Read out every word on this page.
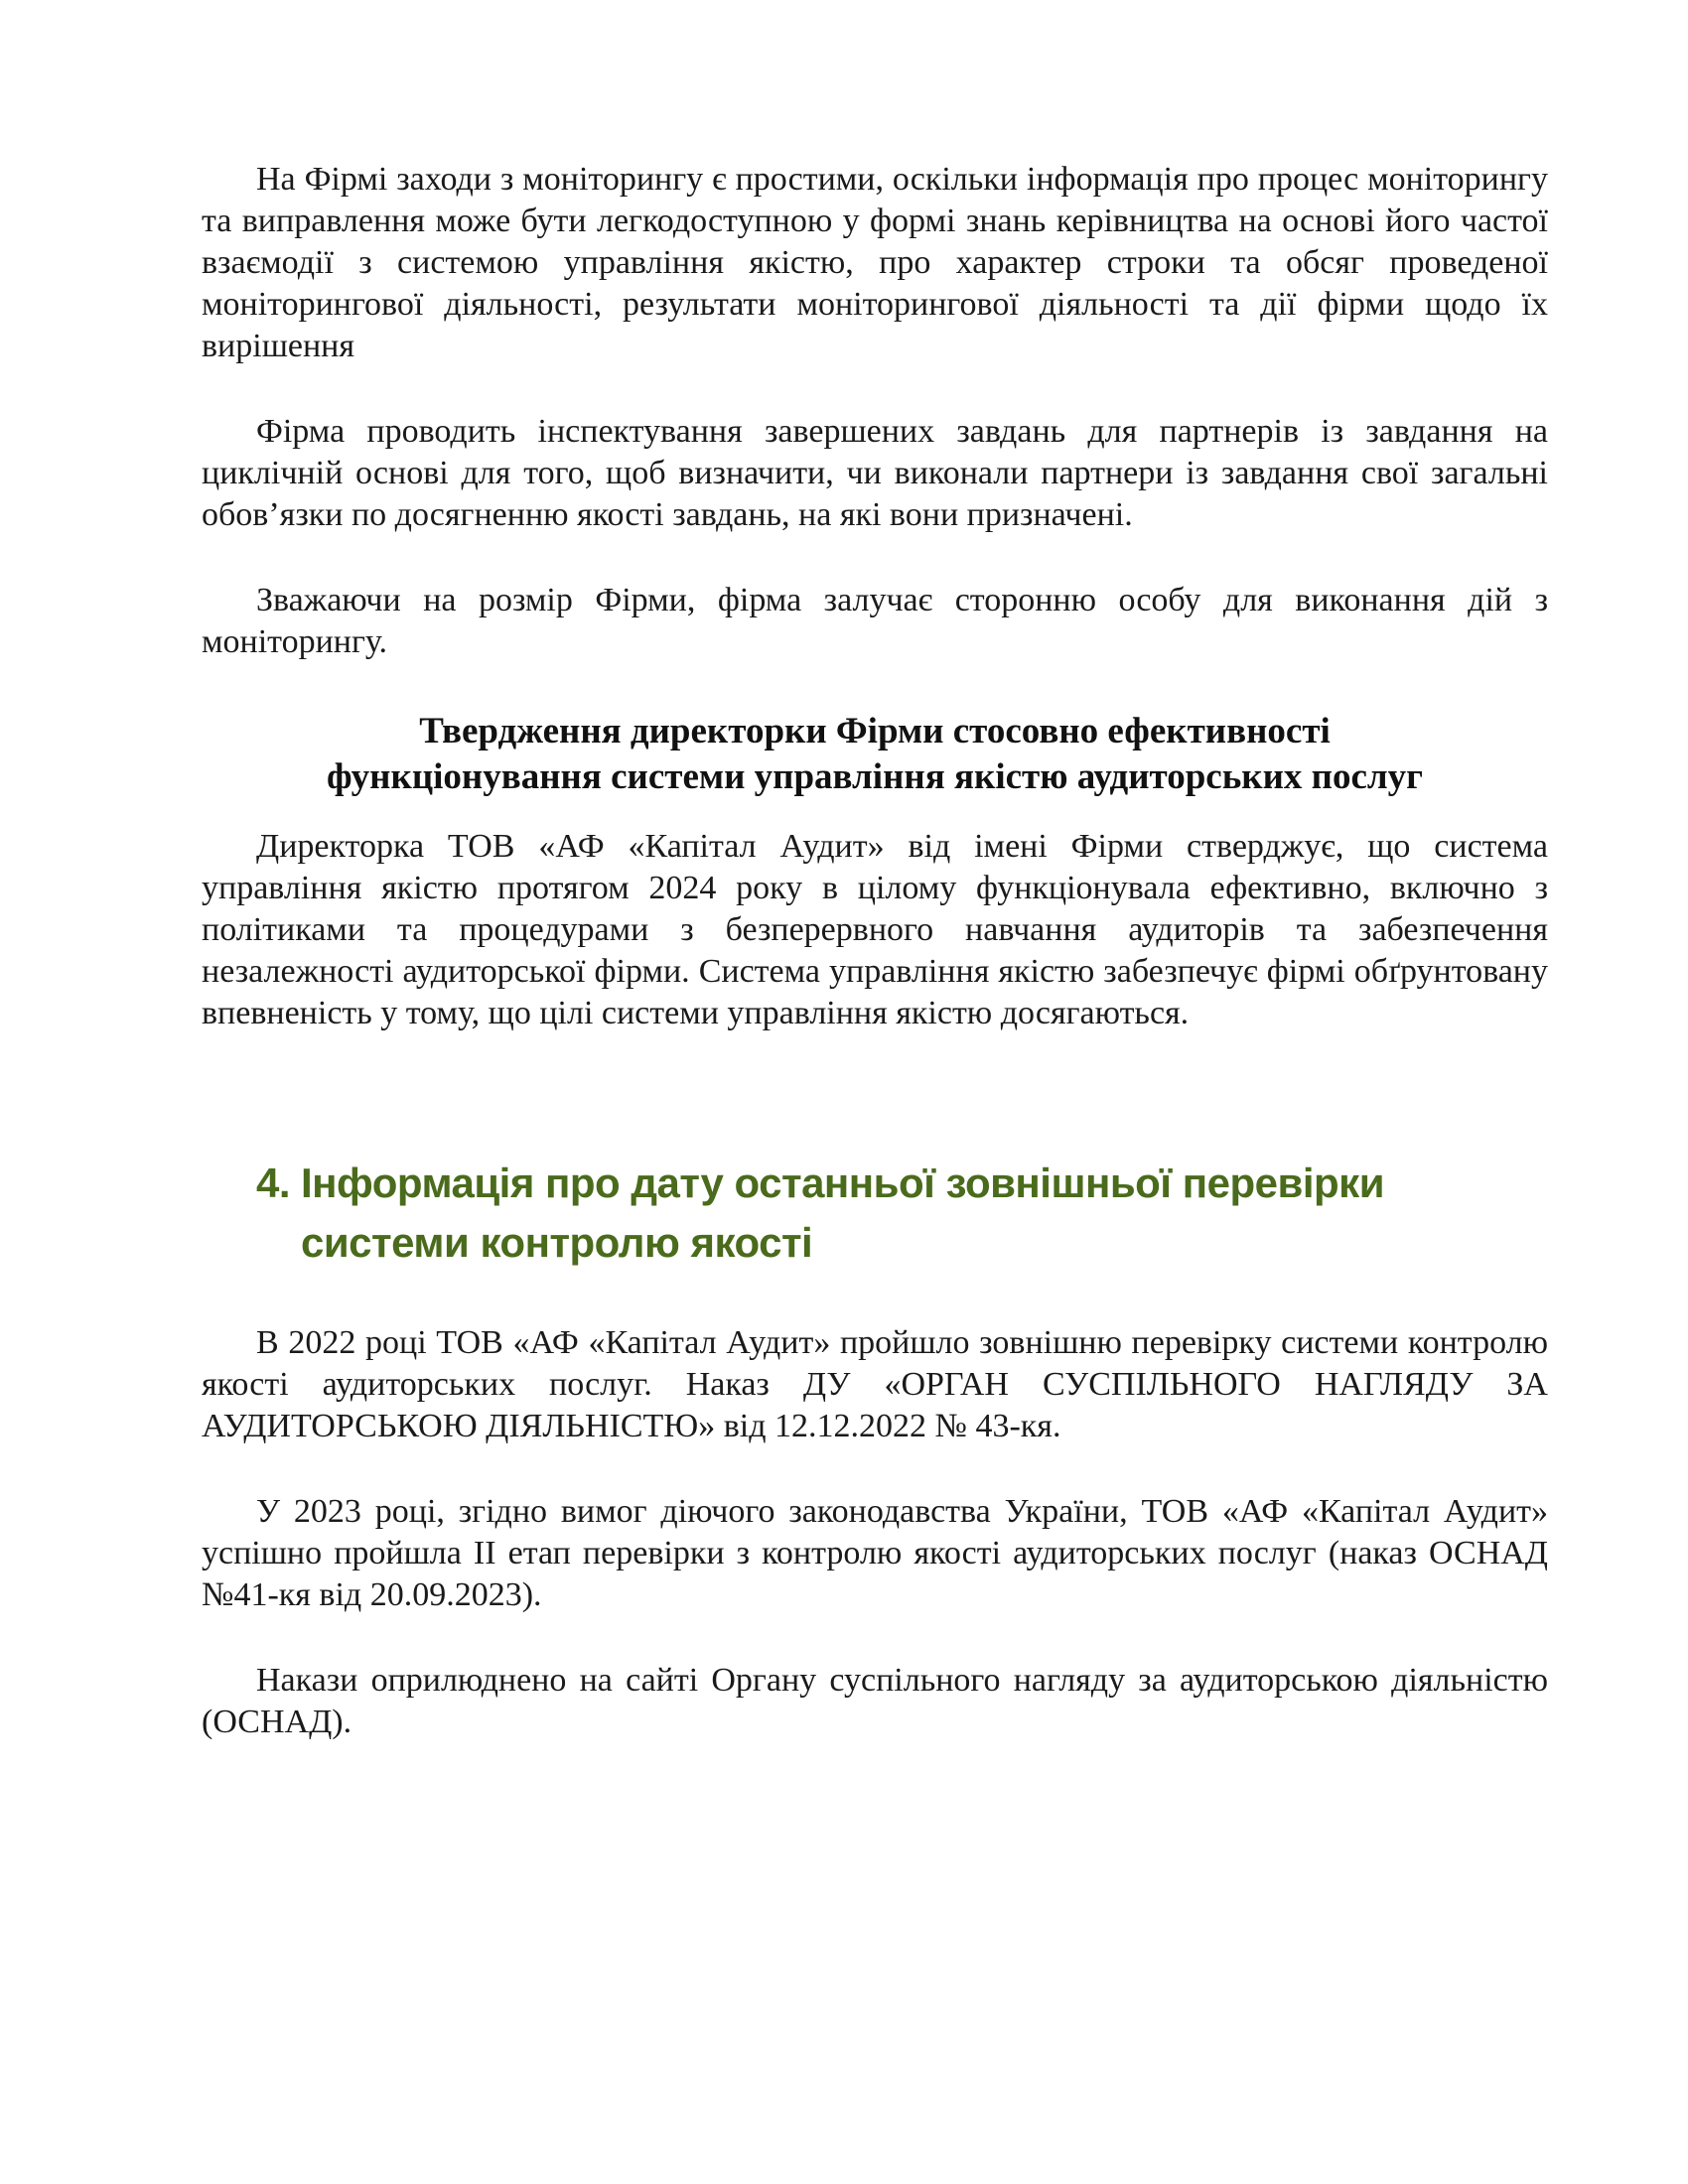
На Фірмі заходи з моніторингу є простими, оскільки інформація про процес моніторингу та виправлення може бути легкодоступною у формі знань керівництва на основі його частої взаємодії з системою управління якістю, про характер строки та обсяг проведеної моніторингової діяльності, результати моніторингової діяльності та дії фірми щодо їх вирішення

Фірма проводить інспектування завершених завдань для партнерів із завдання на циклічній основі для того, щоб визначити, чи виконали партнери із завдання свої загальні обов’язки по досягненню якості завдань, на які вони призначені.

Зважаючи на розмір Фірми, фірма залучає сторонню особу для виконання дій з моніторингу.

Твердження директорки Фірми стосовно ефективності
функціонування системи управління якістю аудиторських послуг

Директорка ТОВ «АФ «Капітал Аудит» від імені Фірми стверджує, що система управління якістю протягом 2024 року в цілому функціонувала ефективно, включно з політиками та процедурами з безперервного навчання аудиторів та забезпечення незалежності аудиторської фірми. Система управління якістю забезпечує фірмі обґрунтовану впевненість у тому, що цілі системи управління якістю досягаються.

4. Інформація про дату останньої зовнішньої перевірки
системи контролю якості

В 2022 році ТОВ «АФ «Капітал Аудит» пройшло зовнішню перевірку системи контролю якості аудиторських послуг. Наказ ДУ «ОРГАН СУСПІЛЬНОГО НАГЛЯДУ ЗА АУДИТОРСЬКОЮ ДІЯЛЬНІСТЮ» від 12.12.2022 № 43-кя.

У 2023 році, згідно вимог діючого законодавства України, ТОВ «АФ «Капітал Аудит» успішно пройшла ІІ етап перевірки з контролю якості аудиторських послуг (наказ ОСНАД №41-кя від 20.09.2023).

Накази оприлюднено на сайті Органу суспільного нагляду за аудиторською діяльністю (ОСНАД).
